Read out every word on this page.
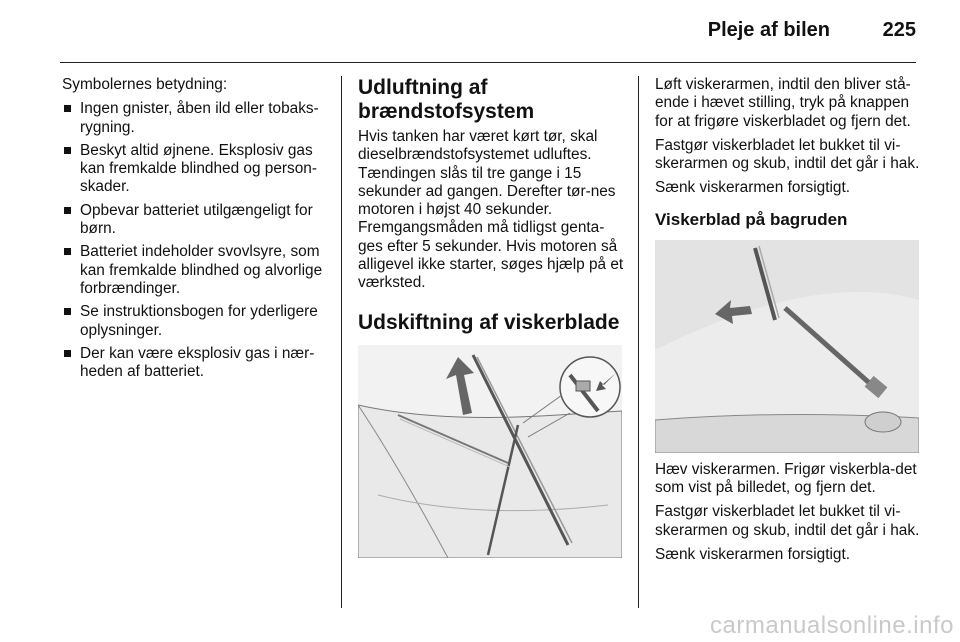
Pleje af bilen	225

Symbolernes betydning:

Ingen gnister, åben ild eller tobaks-rygning.
Beskyt altid øjnene. Eksplosiv gas kan fremkalde blindhed og person-skader.
Opbevar batteriet utilgængeligt for børn.
Batteriet indeholder svovlsyre, som kan fremkalde blindhed og alvorlige forbrændinger.
Se instruktionsbogen for yderligere oplysninger.
Der kan være eksplosiv gas i nær-heden af batteriet.
Udluftning af brændstofsystem

Hvis tanken har været kørt tør, skal dieselbrændstofsystemet udluftes. Tændingen slås til tre gange i 15 sekunder ad gangen. Derefter tør-nes motoren i højst 40 sekunder. Fremgangsmåden må tidligst genta-ges efter 5 sekunder. Hvis motoren så alligevel ikke starter, søges hjælp på et værksted.

Udskiftning af viskerblade

Løft viskerarmen, indtil den bliver stå-ende i hævet stilling, tryk på knappen for at frigøre viskerbladet og fjern det.

Fastgør viskerbladet let bukket til vi-skerarmen og skub, indtil det går i hak.

Sænk viskerarmen forsigtigt.

Viskerblad på bagruden

Hæv viskerarmen. Frigør viskerbla-det som vist på billedet, og fjern det.

Fastgør viskerbladet let bukket til vi-skerarmen og skub, indtil det går i hak.

Sænk viskerarmen forsigtigt.

carmanualsonline.info
